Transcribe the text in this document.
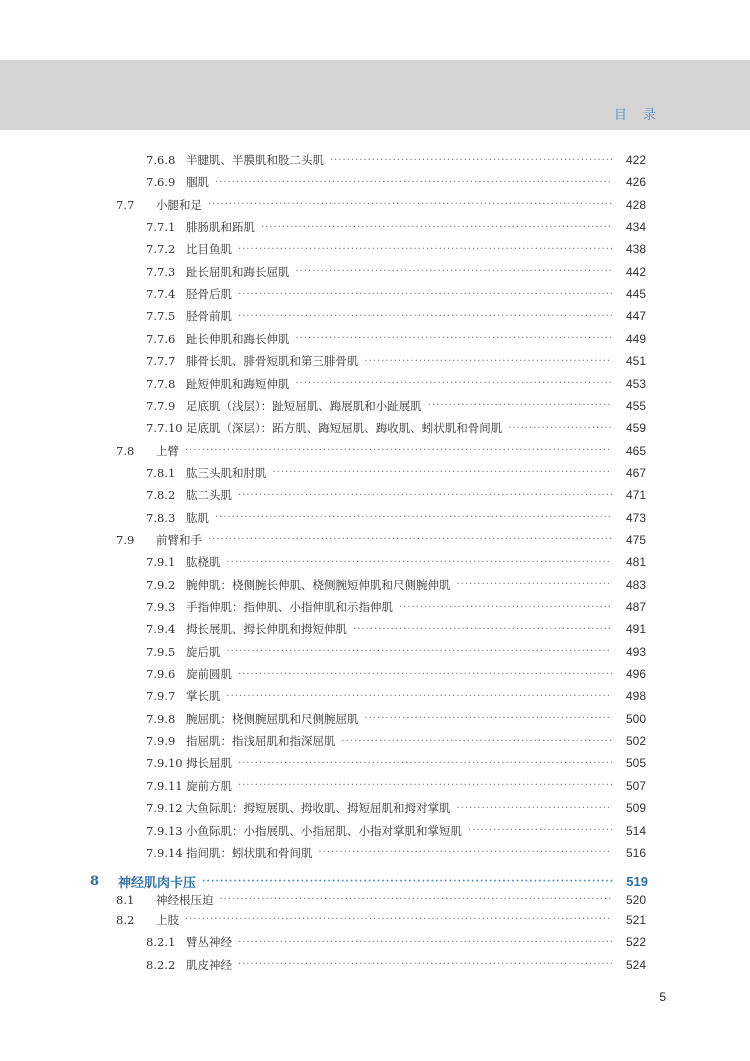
目 录
7.6.8 半腱肌、半膜肌和股二头肌 ·····	422
7.6.9 腘肌 ·····	426
7.7	小腿和足 ·····	428
7.7.1 腓肠肌和跖肌 ·····	434
7.7.2 比目鱼肌 ·····	438
7.7.3 趾长屈肌和踇长屈肌 ·····	442
7.7.4 胫骨后肌 ·····	445
7.7.5 胫骨前肌 ·····	447
7.7.6 趾长伸肌和踇长伸肌 ·····	449
7.7.7 腓骨长肌、腓骨短肌和第三腓骨肌 ·····	451
7.7.8 趾短伸肌和踇短伸肌 ·····	453
7.7.9 足底肌（浅层）：趾短屈肌、踇展肌和小趾展肌 ·····	455
7.7.10 足底肌（深层）：跖方肌、踇短屈肌、踇收肌、蚓状肌和骨间肌 ·····	459
7.8	上臂 ·····	465
7.8.1 肱三头肌和肘肌 ·····	467
7.8.2 肱二头肌 ·····	471
7.8.3 肱肌 ·····	473
7.9	前臂和手 ·····	475
7.9.1 肱桡肌 ·····	481
7.9.2 腕伸肌：桡侧腕长伸肌、桡侧腕短伸肌和尺侧腕伸肌 ·····	483
7.9.3 手指伸肌：指伸肌、小指伸肌和示指伸肌 ·····	487
7.9.4 拇长展肌、拇长伸肌和拇短伸肌 ·····	491
7.9.5 旋后肌 ·····	493
7.9.6 旋前圆肌 ·····	496
7.9.7 掌长肌 ·····	498
7.9.8 腕屈肌：桡侧腕屈肌和尺侧腕屈肌 ·····	500
7.9.9 指屈肌：指浅屈肌和指深屈肌 ·····	502
7.9.10 拇长屈肌 ·····	505
7.9.11 旋前方肌 ·····	507
7.9.12 大鱼际肌：拇短展肌、拇收肌、拇短屈肌和拇对掌肌 ·····	509
7.9.13 小鱼际肌：小指展肌、小指屈肌、小指对掌肌和掌短肌 ·····	514
7.9.14 指间肌：蚓状肌和骨间肌 ·····	516
8	神经肌肉卡压 ·····	519
8.1	神经根压迫 ·····	520
8.2	上肢 ·····	521
8.2.1 臂丛神经 ·····	522
8.2.2 肌皮神经 ·····	524
5
